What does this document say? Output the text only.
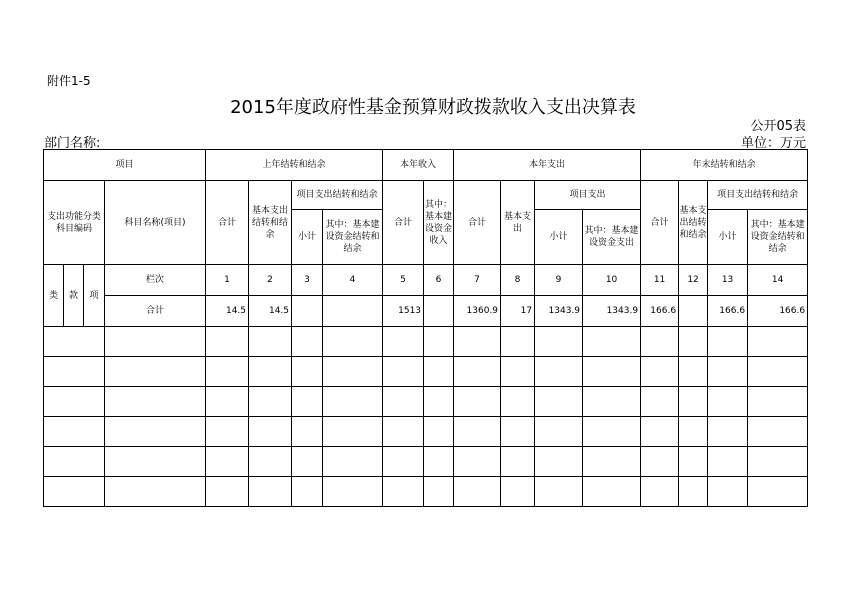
附件1-5
2015年度政府性基金预算财政拨款收入支出决算表
公开05表
部门名称:	单位：万元
项目				上年结转和结余				本年收入		本年支出				年末结转和结余			
支出功能分类科目编码			科目名称(项目)	合计	基本支出结转和结余	项目支出结转和结余		合计	其中：基本建设资金收入	合计	基本支出	项目支出		合计	基本支出结转和结余	项目支出结转和结余	
						小计	其中：基本建设资金结转和结余					小计	其中：基本建设资金支出			小计	其中：基本建设资金结转和结余
类	款	项	栏次	1	2	3	4	5	6	7	8	9	10	11	12	13	14
			合计	14.5	14.5			1513		1360.9	17	1343.9	1343.9	166.6		166.6	166.6
